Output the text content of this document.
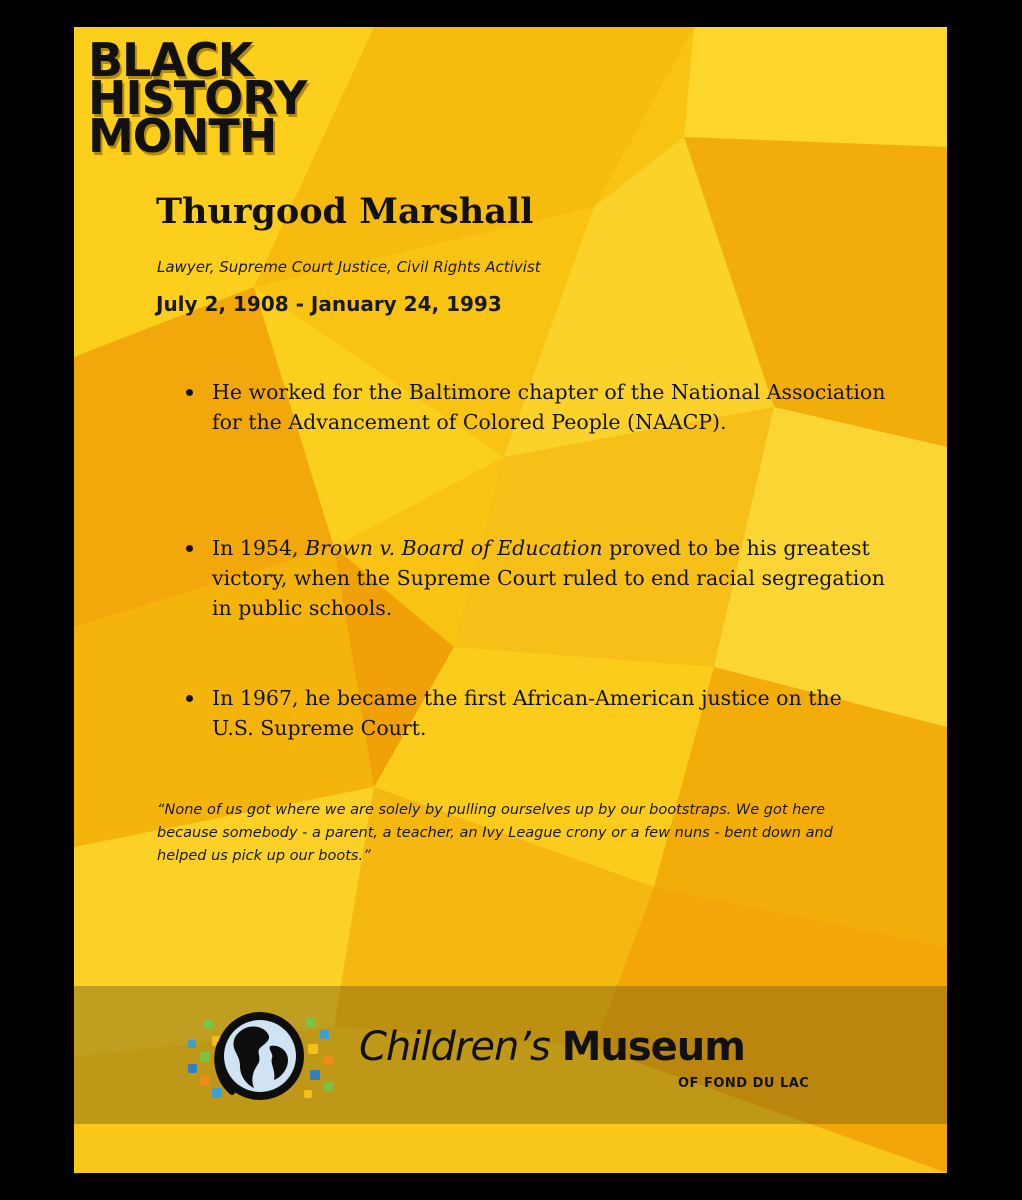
BLACK
HISTORY
MONTH
Thurgood Marshall
Lawyer, Supreme Court Justice, Civil Rights Activist
July 2, 1908 - January 24, 1993
He worked for the Baltimore chapter of the National Association for the Advancement of Colored People (NAACP).
In 1954, Brown v. Board of Education proved to be his greatest victory, when the Supreme Court ruled to end racial segregation in public schools.
In 1967, he became the first African-American justice on the U.S. Supreme Court.
“None of us got where we are solely by pulling ourselves up by our bootstraps. We got here because somebody - a parent, a teacher, an Ivy League crony or a few nuns - bent down and helped us pick up our boots.”
Children’s Museum
OF FOND DU LAC
